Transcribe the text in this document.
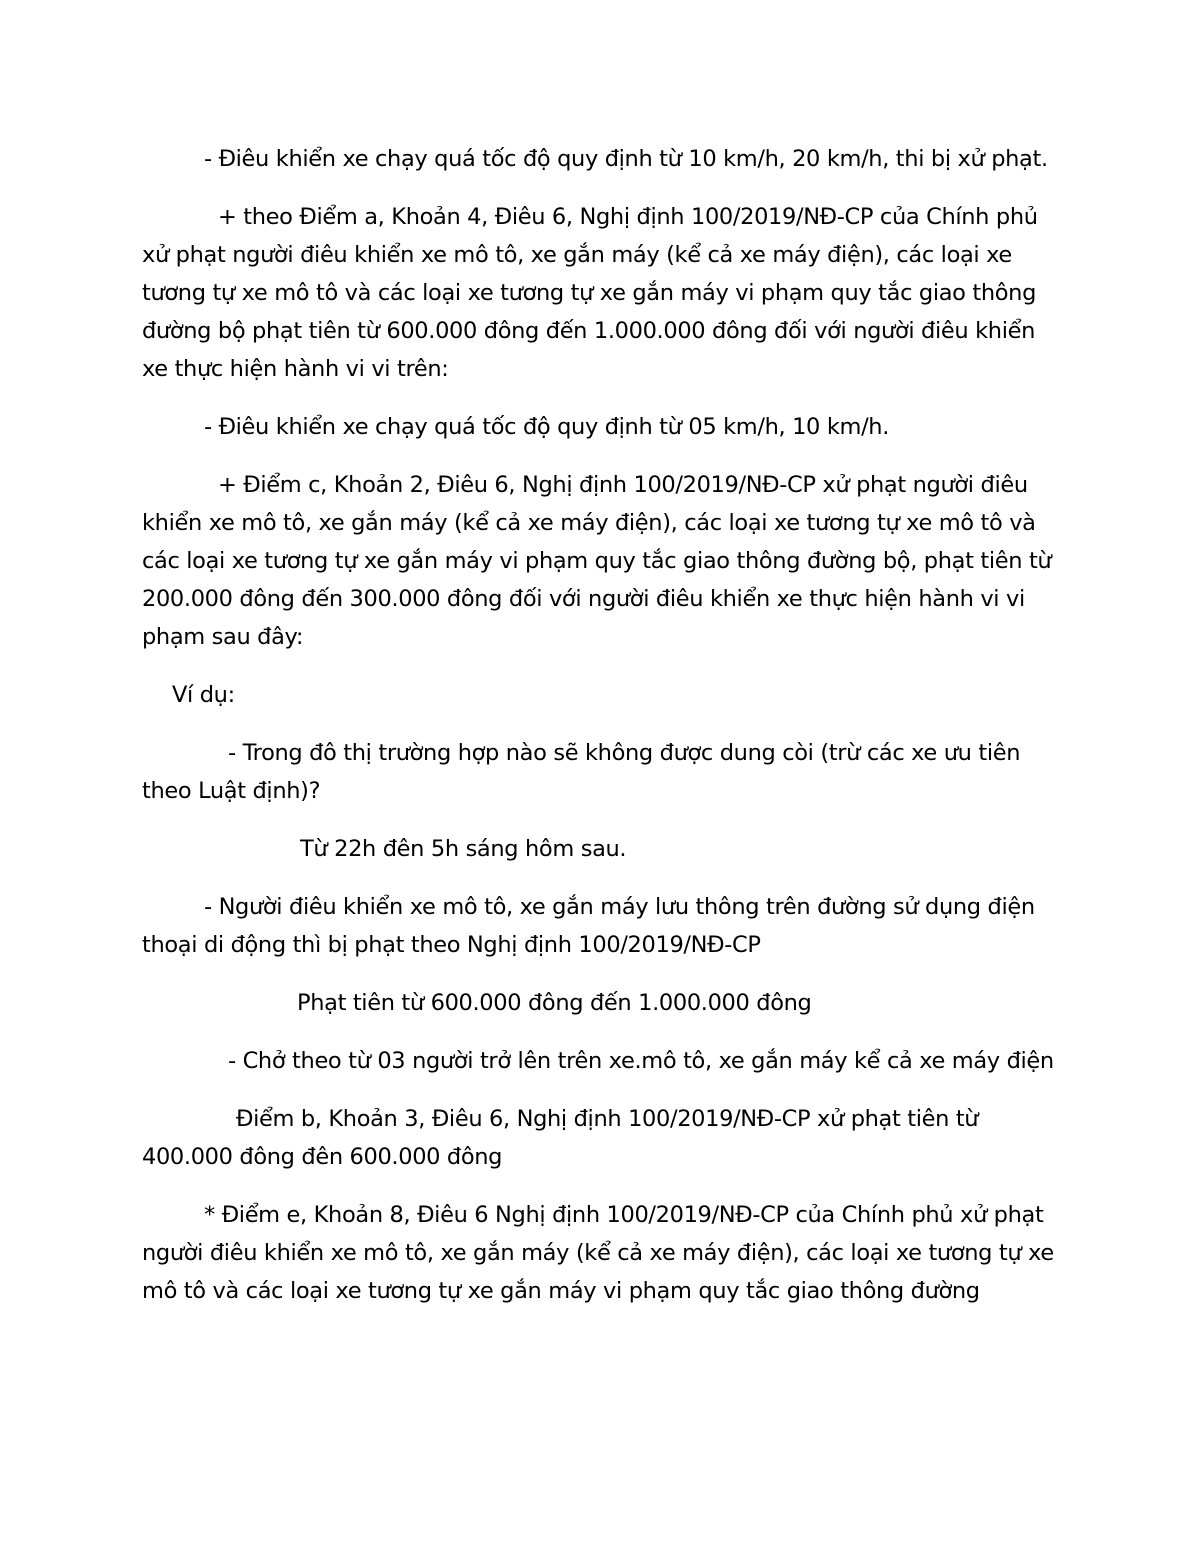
- Điêu khiển xe chạy quá tốc độ quy định từ 10 km/h, 20 km/h, thi bị xử phạt.

+ theo Điểm a, Khoản 4, Điêu 6, Nghị định 100/2019/NĐ-CP của Chính phủ xử phạt người điêu khiển xe mô tô, xe gắn máy (kể cả xe máy điện), các loại xe tương tự xe mô tô và các loại xe tương tự xe gắn máy vi phạm quy tắc giao thông đường bộ phạt tiên từ 600.000 đông đến 1.000.000 đông đối với người điêu khiển xe thực hiện hành vi vi trên:

- Điêu khiển xe chạy quá tốc độ quy định từ 05 km/h, 10 km/h.

+ Điểm c, Khoản 2, Điêu 6, Nghị định 100/2019/NĐ-CP xử phạt người điêu khiển xe mô tô, xe gắn máy (kể cả xe máy điện), các loại xe tương tự xe mô tô và các loại xe tương tự xe gắn máy vi phạm quy tắc giao thông đường bộ, phạt tiên từ 200.000 đông đến 300.000 đông đối với người điêu khiển xe thực hiện hành vi vi phạm sau đây:

Ví dụ:

- Trong đô thị trường hợp nào sẽ không được dung còi (trừ các xe ưu tiên theo Luật định)?

Từ 22h đên 5h sáng hôm sau.

- Người điêu khiển xe mô tô, xe gắn máy lưu thông trên đường sử dụng điện thoại di động thì bị phạt theo Nghị định 100/2019/NĐ-CP

Phạt tiên từ 600.000 đông đến 1.000.000 đông

- Chở theo từ 03 người trở lên trên xe.mô tô, xe gắn máy kể cả xe máy điện

Điểm b, Khoản 3, Điêu 6, Nghị định 100/2019/NĐ-CP xử phạt tiên từ 400.000 đông đên 600.000 đông

* Điểm e, Khoản 8, Điêu 6 Nghị định 100/2019/NĐ-CP của Chính phủ xử phạt người điêu khiển xe mô tô, xe gắn máy (kể cả xe máy điện), các loại xe tương tự xe mô tô và các loại xe tương tự xe gắn máy vi phạm quy tắc giao thông đường
